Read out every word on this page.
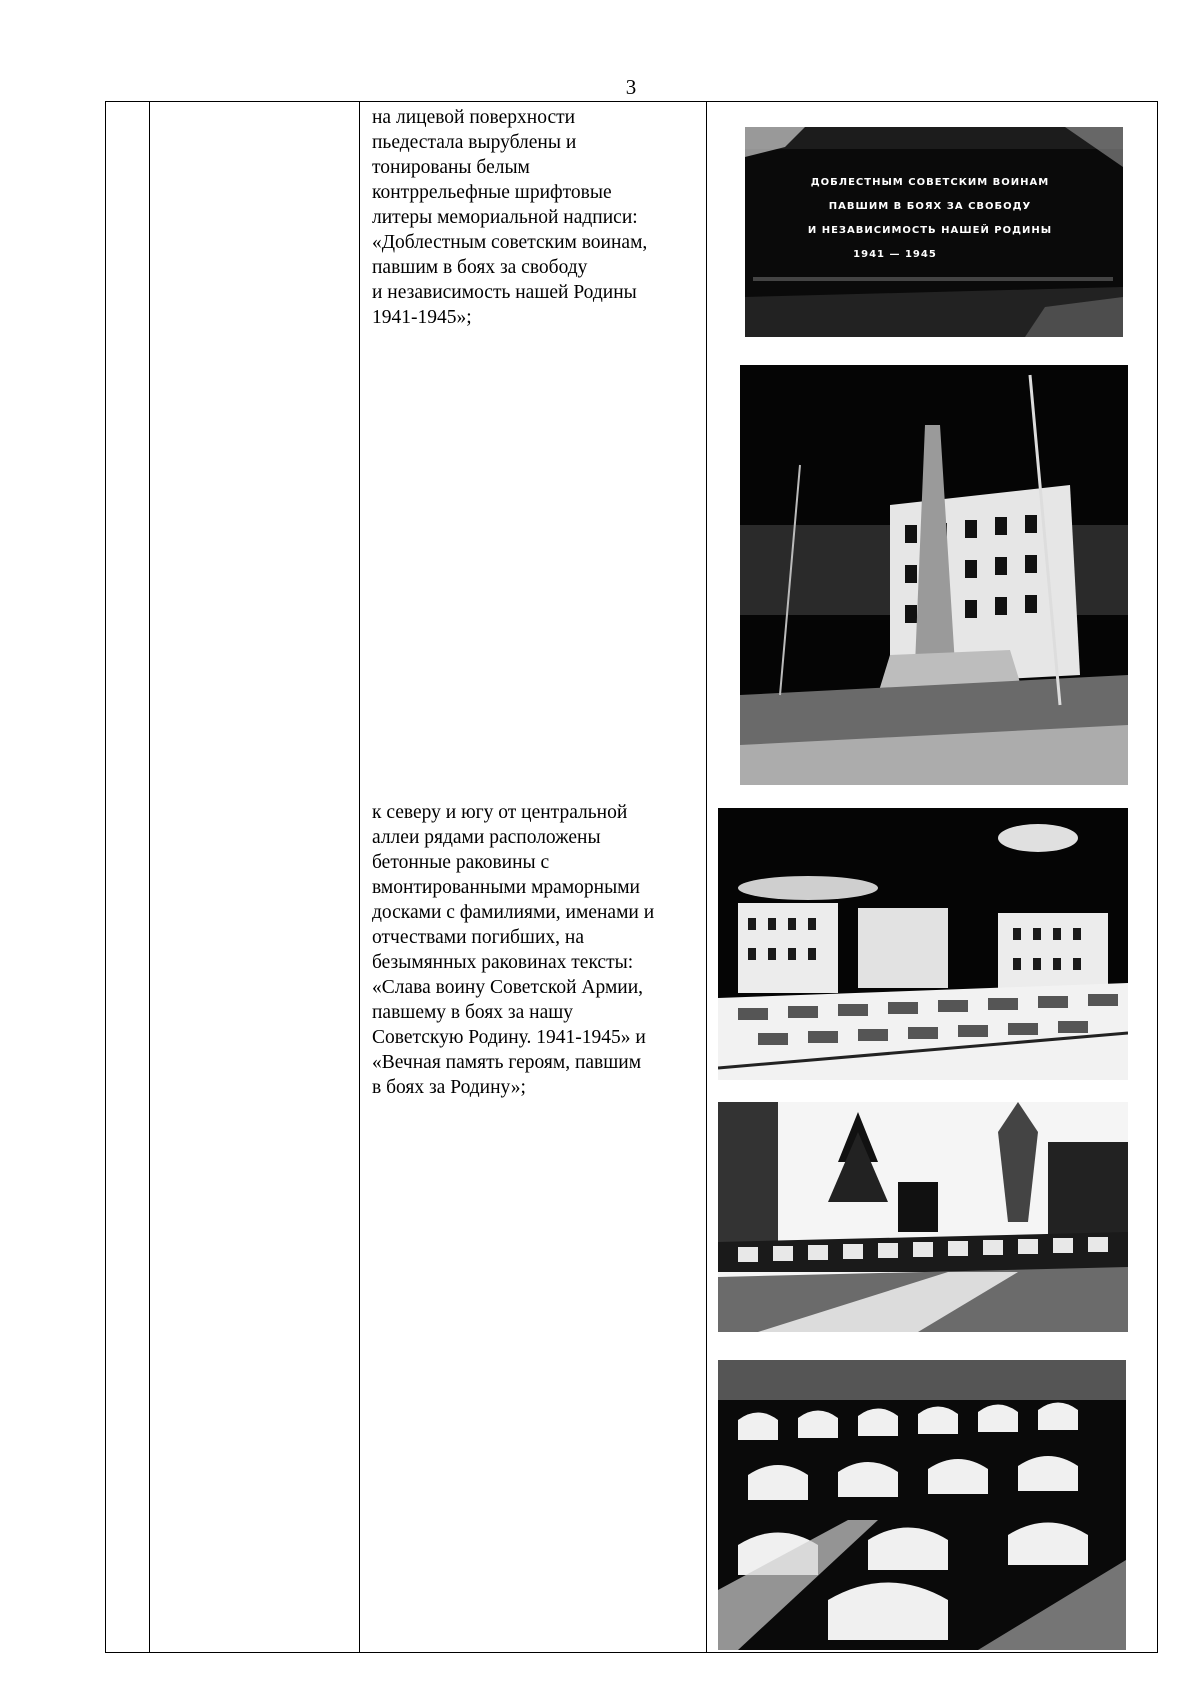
3
на лицевой поверхности
пьедестала вырублены и
тонированы белым
контррельефные шрифтовые
литеры мемориальной надписи:
«Доблестным советским воинам,
павшим в боях за свободу
и независимость нашей Родины
1941-1945»;
к северу и югу от центральной
аллеи рядами расположены
бетонные раковины с
вмонтированными мраморными
досками с фамилиями, именами и
отчествами погибших, на
безымянных раковинах тексты:
«Слава воину Советской Армии,
павшему в боях за нашу
Советскую Родину. 1941-1945» и
«Вечная память героям, павшим
в боях за Родину»;
ДОБЛЕСТНЫМ СОВЕТСКИМ ВОИНАМ
ПАВШИМ В БОЯХ ЗА СВОБОДУ
И НЕЗАВИСИМОСТЬ НАШЕЙ РОДИНЫ
1941 — 1945
